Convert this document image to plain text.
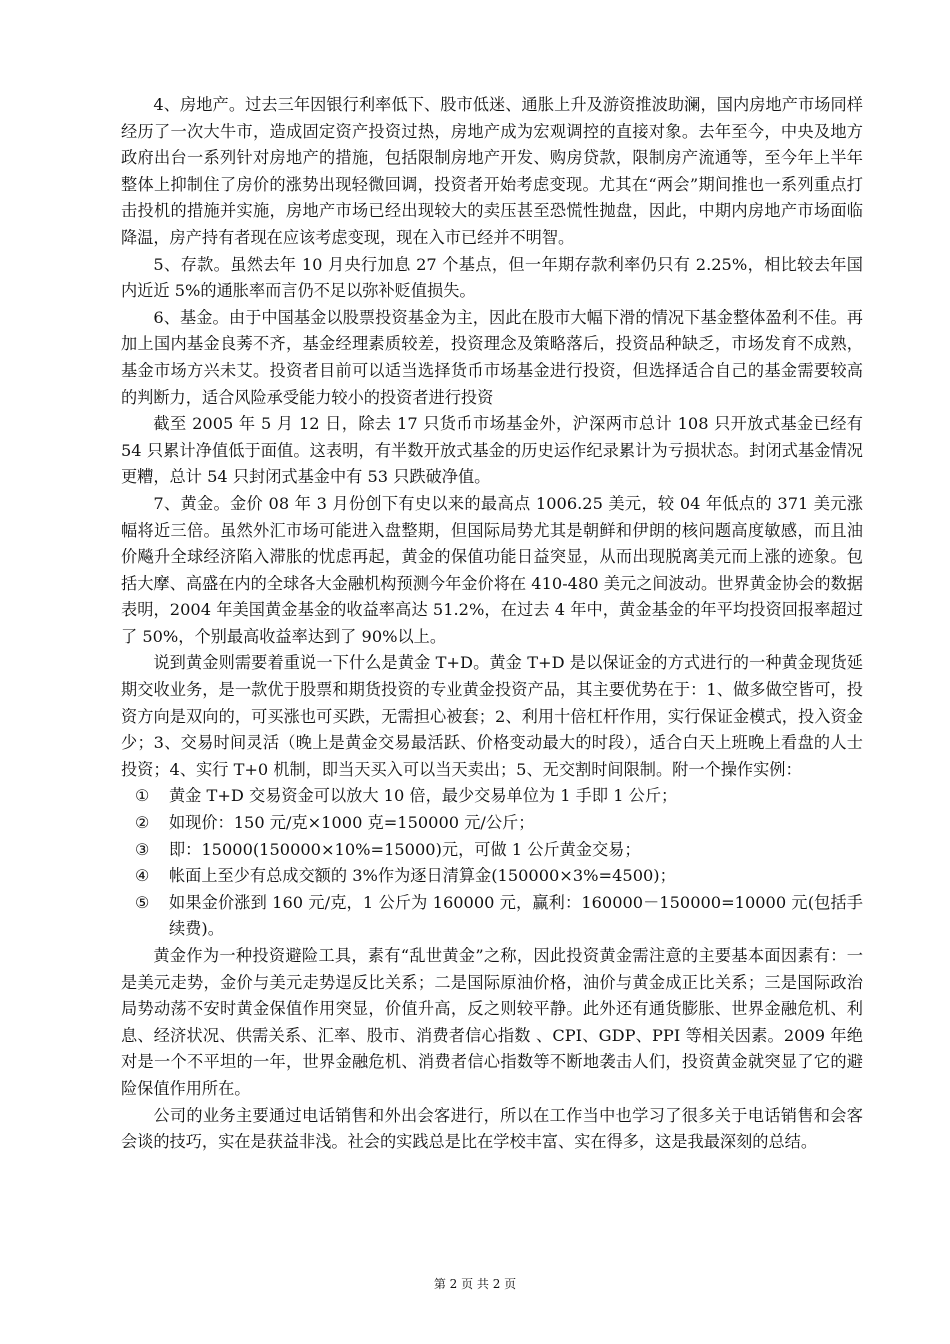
4、房地产。过去三年因银行利率低下、股市低迷、通胀上升及游资推波助澜，国内房地产市场同样经历了一次大牛市，造成固定资产投资过热，房地产成为宏观调控的直接对象。去年至今，中央及地方政府出台一系列针对房地产的措施，包括限制房地产开发、购房贷款，限制房产流通等，至今年上半年整体上抑制住了房价的涨势出现轻微回调，投资者开始考虑变现。尤其在“两会”期间推也一系列重点打击投机的措施并实施，房地产市场已经出现较大的卖压甚至恐慌性抛盘，因此，中期内房地产市场面临降温，房产持有者现在应该考虑变现，现在入市已经并不明智。

5、存款。虽然去年 10 月央行加息 27 个基点，但一年期存款利率仍只有 2.25%，相比较去年国内近近 5%的通胀率而言仍不足以弥补贬值损失。

6、基金。由于中国基金以股票投资基金为主，因此在股市大幅下滑的情况下基金整体盈利不佳。再加上国内基金良莠不齐，基金经理素质较差，投资理念及策略落后，投资品种缺乏，市场发育不成熟，基金市场方兴未艾。投资者目前可以适当选择货币市场基金进行投资，但选择适合自己的基金需要较高的判断力，适合风险承受能力较小的投资者进行投资

截至 2005 年 5 月 12 日，除去 17 只货币市场基金外，沪深两市总计 108 只开放式基金已经有 54 只累计净值低于面值。这表明，有半数开放式基金的历史运作纪录累计为亏损状态。封闭式基金情况更糟，总计 54 只封闭式基金中有 53 只跌破净值。

7、黄金。金价 08 年 3 月份创下有史以来的最高点 1006.25 美元，较 04 年低点的 371 美元涨幅将近三倍。虽然外汇市场可能进入盘整期，但国际局势尤其是朝鲜和伊朗的核问题高度敏感，而且油价飚升全球经济陷入滞胀的忧虑再起，黄金的保值功能日益突显，从而出现脱离美元而上涨的迹象。包括大摩、高盛在内的全球各大金融机构预测今年金价将在 410-480 美元之间波动。世界黄金协会的数据表明，2004 年美国黄金基金的收益率高达 51.2%，在过去 4 年中，黄金基金的年平均投资回报率超过了 50%，个别最高收益率达到了 90%以上。

说到黄金则需要着重说一下什么是黄金 T+D。黄金 T+D 是以保证金的方式进行的一种黄金现货延期交收业务，是一款优于股票和期货投资的专业黄金投资产品，其主要优势在于：1、做多做空皆可，投资方向是双向的，可买涨也可买跌，无需担心被套；2、利用十倍杠杆作用，实行保证金模式，投入资金少；3、交易时间灵活（晚上是黄金交易最活跃、价格变动最大的时段），适合白天上班晚上看盘的人士投资；4、实行 T+0 机制，即当天买入可以当天卖出；5、无交割时间限制。附一个操作实例：

①	黄金 T+D 交易资金可以放大 10 倍，最少交易单位为 1 手即 1 公斤；
②	如现价：150 元/克×1000 克=150000 元/公斤；
③	即：15000(150000×10%=15000)元，可做 1 公斤黄金交易；
④	帐面上至少有总成交额的 3%作为逐日清算金(150000×3%=4500)；
⑤	如果金价涨到 160 元/克，1 公斤为 160000 元，赢利：160000－150000=10000 元(包括手续费)。

黄金作为一种投资避险工具，素有“乱世黄金”之称，因此投资黄金需注意的主要基本面因素有：一是美元走势，金价与美元走势逞反比关系；二是国际原油价格，油价与黄金成正比关系；三是国际政治局势动荡不安时黄金保值作用突显，价值升高，反之则较平静。此外还有通货膨胀、世界金融危机、利息、经济状况、供需关系、汇率、股市、消费者信心指数 、CPI、GDP、PPI 等相关因素。2009 年绝对是一个不平坦的一年，世界金融危机、消费者信心指数等不断地袭击人们，投资黄金就突显了它的避险保值作用所在。

公司的业务主要通过电话销售和外出会客进行，所以在工作当中也学习了很多关于电话销售和会客会谈的技巧，实在是获益非浅。社会的实践总是比在学校丰富、实在得多，这是我最深刻的总结。

第 2 页 共 2 页
